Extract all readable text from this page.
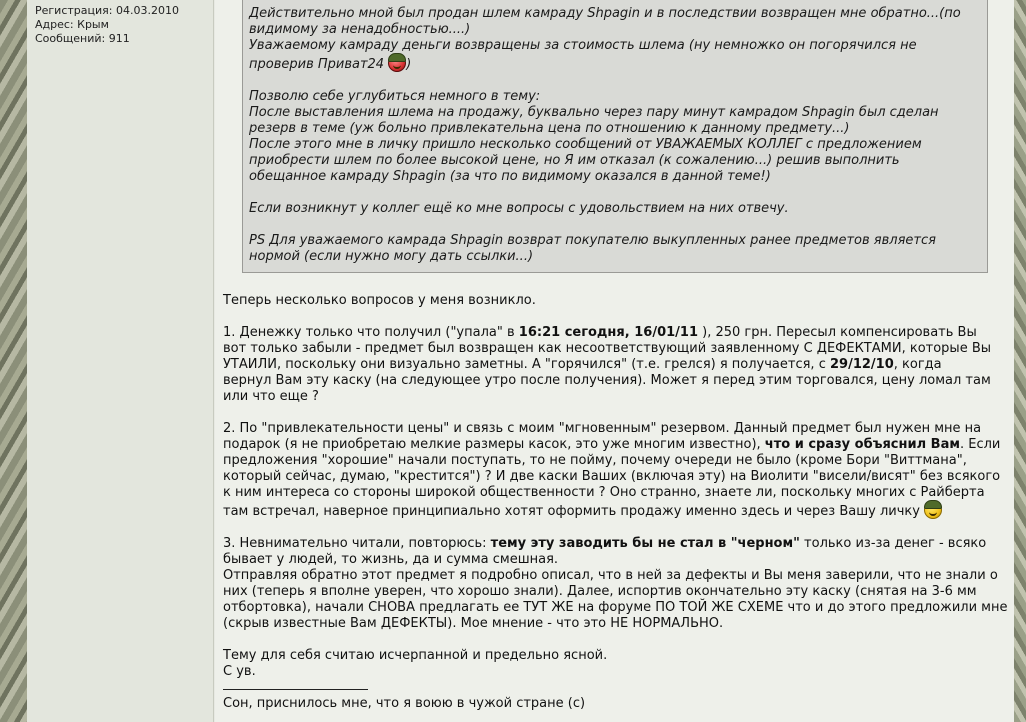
Регистрация: 04.03.2010
Адрес: Крым
Сообщений: 911

Действительно мной был продан шлем камраду Shpagin и в последствии возвращен мне обратно...(по
видимому за ненадобностью....)
Уважаемому камраду деньги возвращены за стоимость шлема (ну немножко он погорячился не
проверив Приват24 )

Позволю себе углубиться немного в тему:
После выставления шлема на продажу, буквально через пару минут камрадом Shpagin был сделан
резерв в теме (уж больно привлекательна цена по отношению к данному предмету...)
После этого мне в личку пришло несколько сообщений от УВАЖАЕМЫХ КОЛЛЕГ с предложением
приобрести шлем по более высокой цене, но Я им отказал (к сожалению...) решив выполнить
обещанное камраду Shpagin (за что по видимому оказался в данной теме!)

Если возникнут у коллег ещё ко мне вопросы с удовольствием на них отвечу.

PS Для уважаемого камрада Shpagin возврат покупателю выкупленных ранее предметов является
нормой (если нужно могу дать ссылки...)

Теперь несколько вопросов у меня возникло.

1. Денежку только что получил ("упала" в 16:21 сегодня, 16/01/11 ), 250 грн. Пересыл компенсировать Вы
вот только забыли - предмет был возвращен как несоответствующий заявленному С ДЕФЕКТАМИ, которые Вы
УТАИЛИ, поскольку они визуально заметны. А "горячился" (т.е. грелся) я получается, с 29/12/10, когда
вернул Вам эту каску (на следующее утро после получения). Может я перед этим торговался, цену ломал там
или что еще ?

2. По "привлекательности цены" и связь с моим "мгновенным" резервом. Данный предмет был нужен мне на
подарок (я не приобретаю мелкие размеры касок, это уже многим известно), что и сразу объяснил Вам. Если
предложения "хорошие" начали поступать, то не пойму, почему очереди не было (кроме Бори "Виттмана",
который сейчас, думаю, "крестится") ? И две каски Ваших (включая эту) на Виолити "висели/висят" без всякого
к ним интереса со стороны широкой общественности ? Оно странно, знаете ли, поскольку многих с Райберта
там встречал, наверное принципиально хотят оформить продажу именно здесь и через Вашу личку

3. Невнимательно читали, повторюсь: тему эту заводить бы не стал в "черном" только из-за денег - всяко
бывает у людей, то жизнь, да и сумма смешная.
Отправляя обратно этот предмет я подробно описал, что в ней за дефекты и Вы меня заверили, что не знали о
них (теперь я вполне уверен, что хорошо знали). Далее, испортив окончательно эту каску (снятая на 3-6 мм
отбортовка), начали СНОВА предлагать ее ТУТ ЖЕ на форуме ПО ТОЙ ЖЕ СХЕМЕ что и до этого предложили мне
(скрыв известные Вам ДЕФЕКТЫ). Мое мнение - что это НЕ НОРМАЛЬНО.

Тему для себя считаю исчерпанной и предельно ясной.
С ув.

Сон, приснилось мне, что я воюю в чужой стране (с)
